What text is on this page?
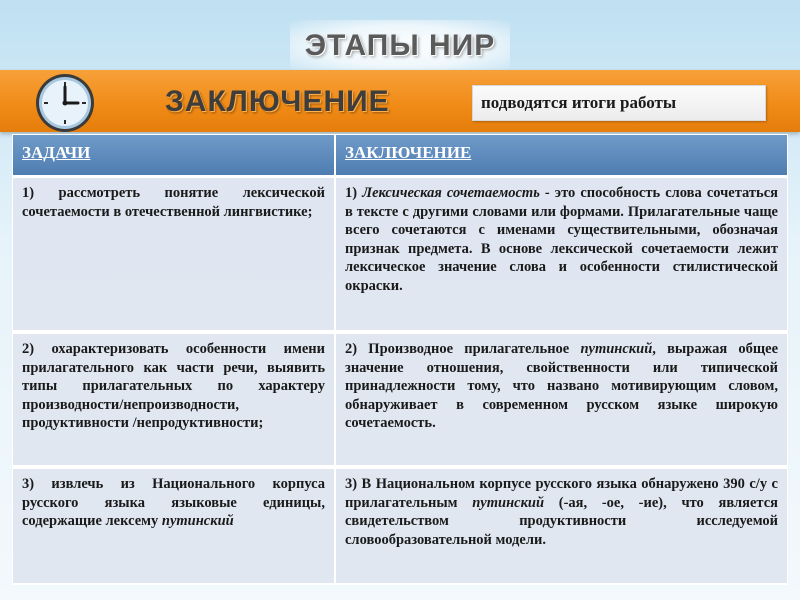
ЭТАПЫ НИР
ЗАКЛЮЧЕНИЕ	подводятся итоги работы
ЗАДАЧИ	ЗАКЛЮЧЕНИЕ

1) рассмотреть понятие лексической сочетаемости в отечественной лингвистике;

1) Лексическая сочетаемость - это способность слова сочетаться в тексте с другими словами или формами. Прилагательные чаще всего сочетаются с именами существительными, обозначая признак предмета. В основе лексической сочетаемости лежит лексическое значение слова и особенности стилистической окраски.

2) охарактеризовать особенности имени прилагательного как части речи, выявить типы прилагательных по характеру производности/непроизводности, продуктивности /непродуктивности;

2) Производное прилагательное путинский, выражая общее значение отношения, свойственности или типической принадлежности тому, что названо мотивирующим словом, обнаруживает в современном русском языке широкую сочетаемость.

3) извлечь из Национального корпуса русского языка языковые единицы, содержащие лексему путинский

3) В Национальном корпусе русского языка обнаружено 390 с/у с прилагательным путинский (-ая, -ое, -ие), что является свидетельством продуктивности исследуемой словообразовательной модели.
